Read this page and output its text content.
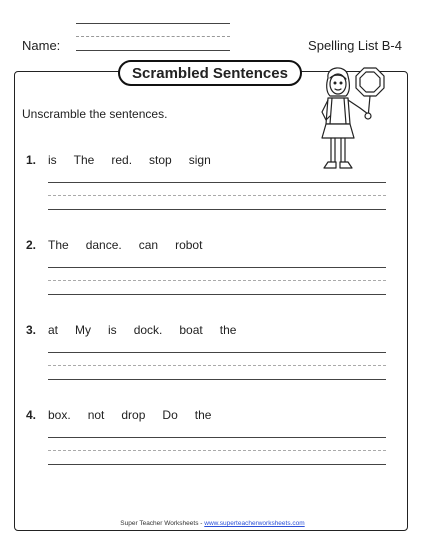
Name:	Spelling List B-4
Scrambled Sentences
Unscramble the sentences.
1. is The red. stop sign
2. The dance. can robot
3. at My is dock. boat the
4. box. not drop Do the
Super Teacher Worksheets - www.superteacherworksheets.com
